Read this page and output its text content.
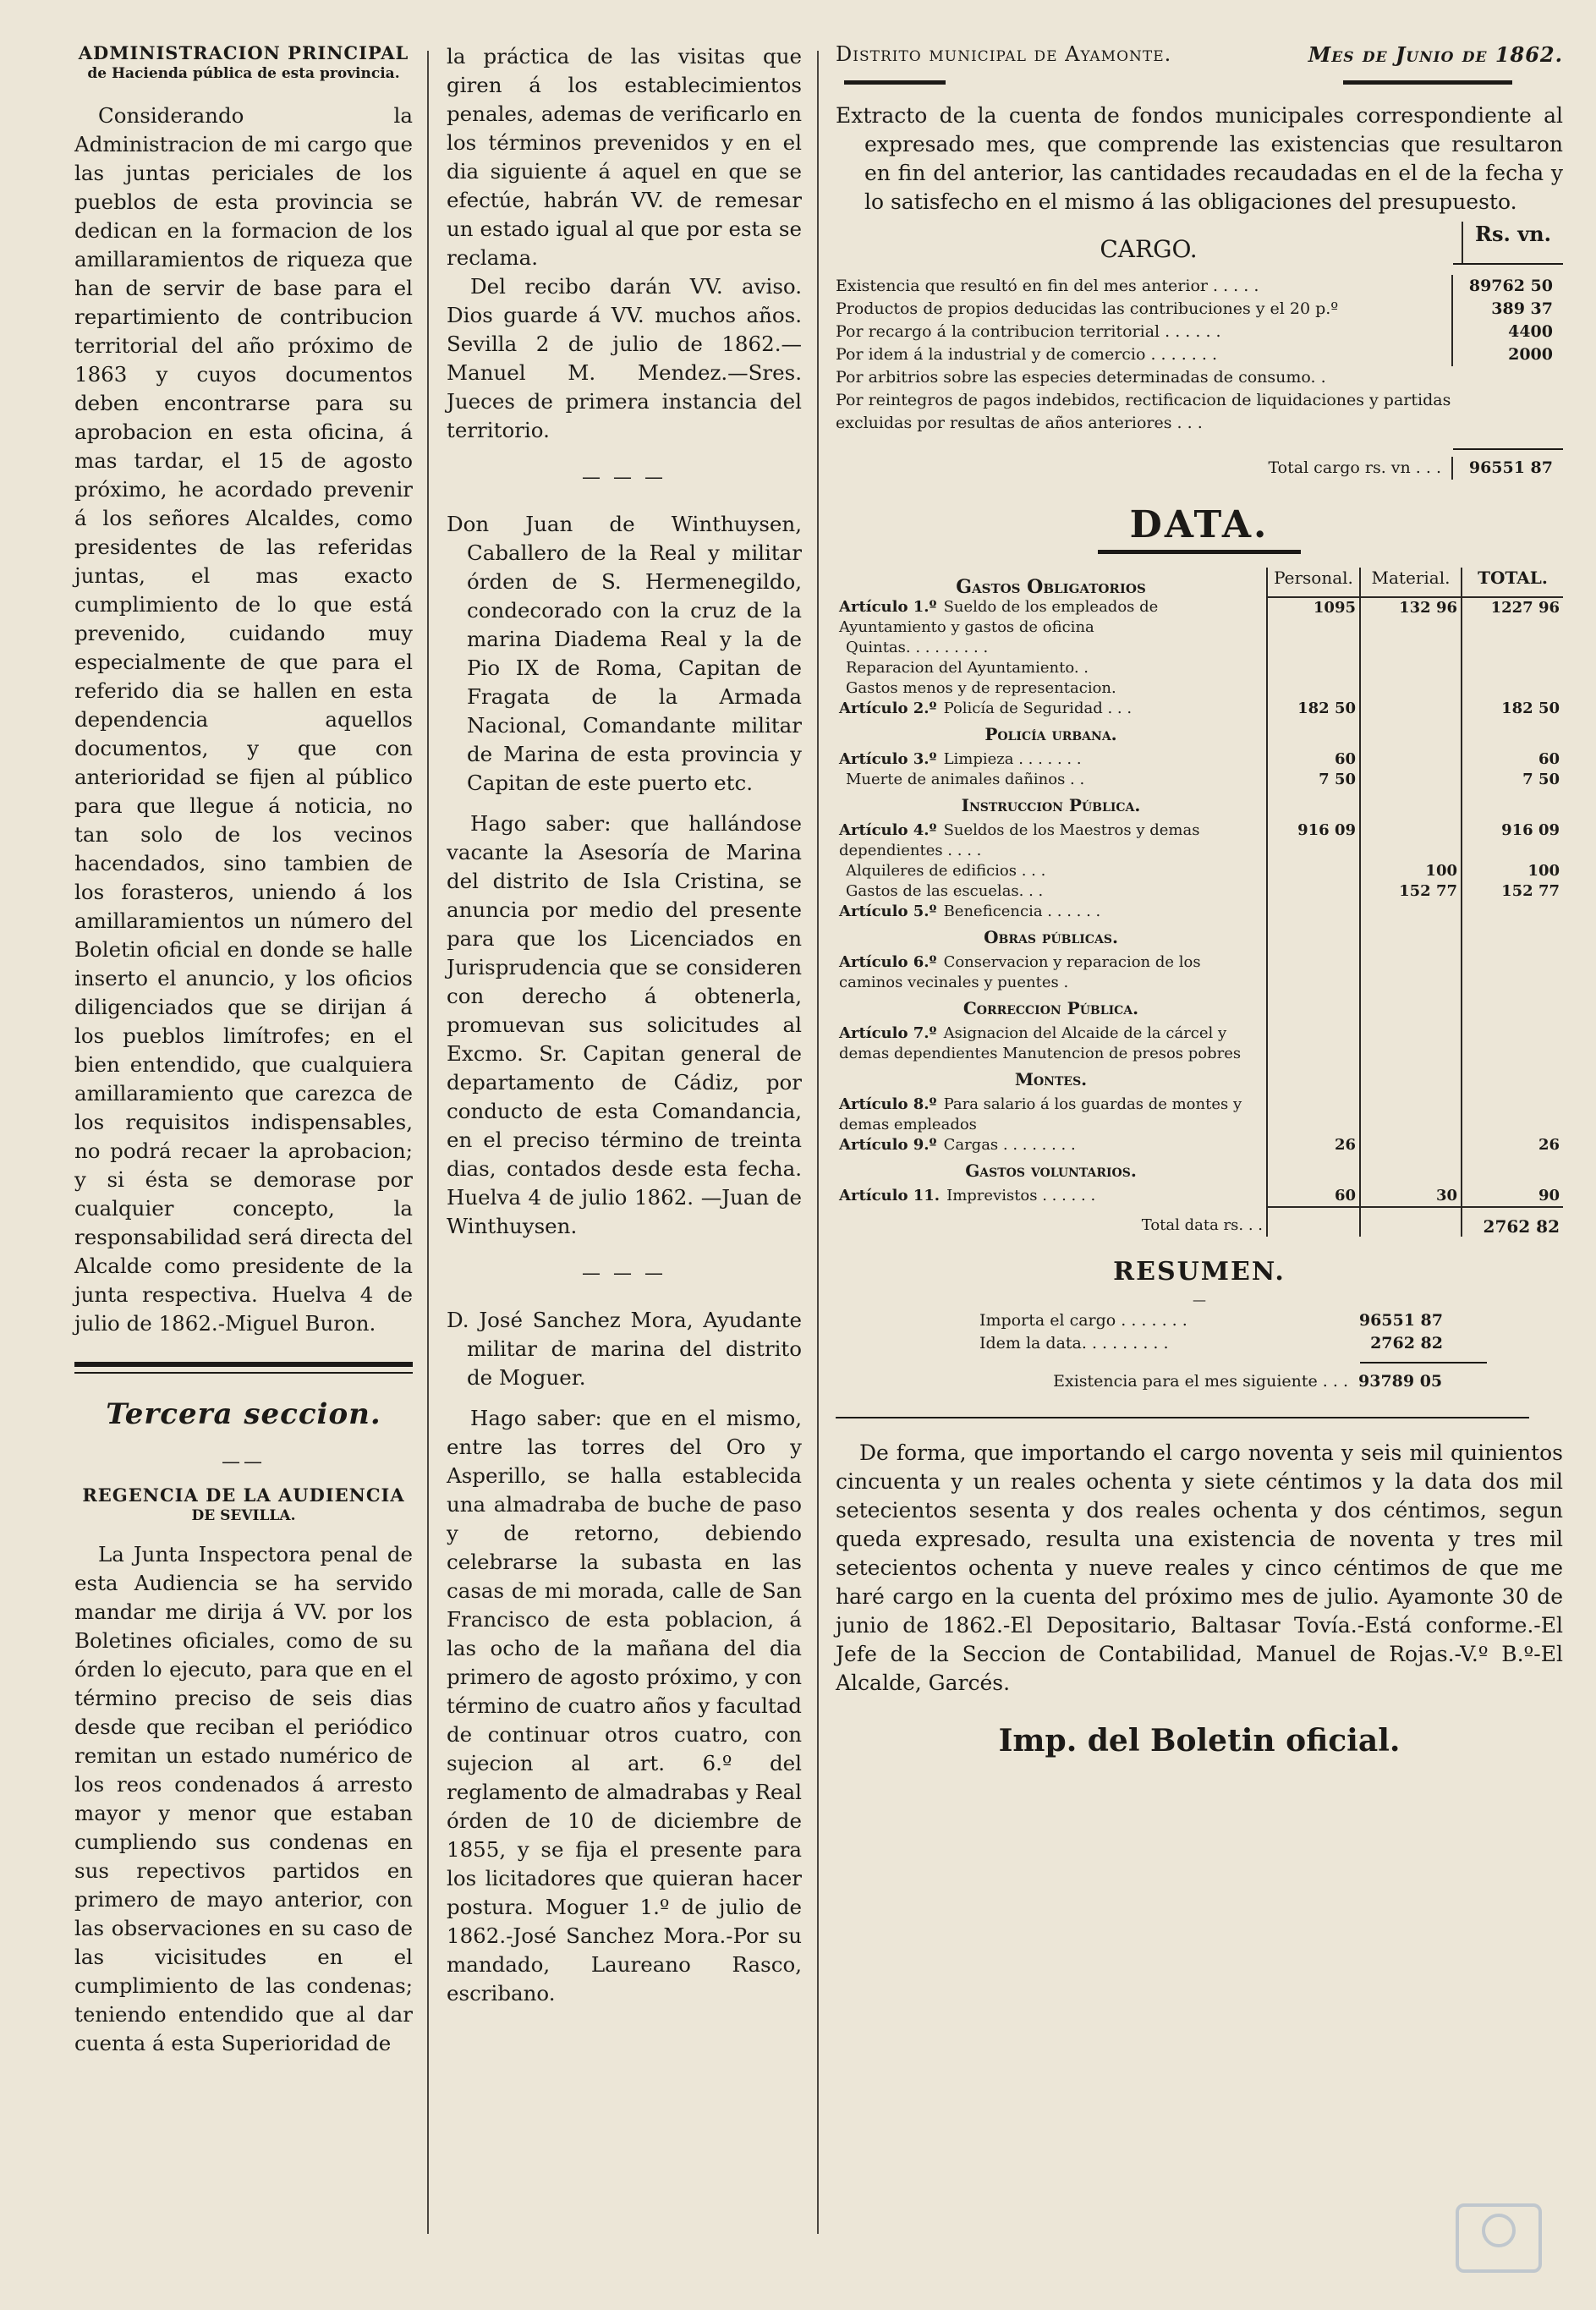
ADMINISTRACION PRINCIPAL

de Hacienda pública de esta provincia.

Considerando la Administracion de mi cargo que las juntas periciales de los pueblos de esta provincia se dedican en la formacion de los amillaramientos de riqueza que han de servir de base para el repartimiento de contribucion territorial del año próximo de 1863 y cuyos documentos deben encontrarse para su aprobacion en esta oficina, á mas tardar, el 15 de agosto próximo, he acordado prevenir á los señores Alcaldes, como presidentes de las referidas juntas, el mas exacto cumplimiento de lo que está prevenido, cuidando muy especialmente de que para el referido dia se hallen en esta dependencia aquellos documentos, y que con anterioridad se fijen al público para que llegue á noticia, no tan solo de los vecinos hacendados, sino tambien de los forasteros, uniendo á los amillaramientos un número del Boletin oficial en donde se halle inserto el anuncio, y los oficios diligenciados que se dirijan á los pueblos limítrofes; en el bien entendido, que cualquiera amillaramiento que carezca de los requisitos indispensables, no podrá recaer la aprobacion; y si ésta se demorase por cualquier concepto, la responsabilidad será directa del Alcalde como presidente de la junta respectiva. Huelva 4 de julio de 1862.-Miguel Buron.

Tercera seccion.

——

REGENCIA DE LA AUDIENCIA

DE SEVILLA.

La Junta Inspectora penal de esta Audiencia se ha servido mandar me dirija á VV. por los Boletines oficiales, como de su órden lo ejecuto, para que en el término preciso de seis dias desde que reciban el periódico remitan un estado numérico de los reos condenados á arresto mayor y menor que estaban cumpliendo sus condenas en sus repectivos partidos en primero de mayo anterior, con las observaciones en su caso de las vicisitudes en el cumplimiento de las condenas; teniendo entendido que al dar cuenta á esta Superioridad de

la práctica de las visitas que giren á los establecimientos penales, ademas de verificarlo en los términos prevenidos y en el dia siguiente á aquel en que se efectúe, habrán VV. de remesar un estado igual al que por esta se reclama.

Del recibo darán VV. aviso. Dios guarde á VV. muchos años. Sevilla 2 de julio de 1862.—Manuel M. Mendez.—Sres. Jueces de primera instancia del territorio.

— — —

Don Juan de Winthuysen, Caballero de la Real y militar órden de S. Hermenegildo, condecorado con la cruz de la marina Diadema Real y la de Pio IX de Roma, Capitan de Fragata de la Armada Nacional, Comandante militar de Marina de esta provincia y Capitan de este puerto etc.

Hago saber: que hallándose vacante la Asesoría de Marina del distrito de Isla Cristina, se anuncia por medio del presente para que los Licenciados en Jurisprudencia que se consideren con derecho á obtenerla, promuevan sus solicitudes al Excmo. Sr. Capitan general de departamento de Cádiz, por conducto de esta Comandancia, en el preciso término de treinta dias, contados desde esta fecha. Huelva 4 de julio 1862. —Juan de Winthuysen.

— — —

D. José Sanchez Mora, Ayudante militar de marina del distrito de Moguer.

Hago saber: que en el mismo, entre las torres del Oro y Asperillo, se halla establecida una almadraba de buche de paso y de retorno, debiendo celebrarse la subasta en las casas de mi morada, calle de San Francisco de esta poblacion, á las ocho de la mañana del dia primero de agosto próximo, y con término de cuatro años y facultad de continuar otros cuatro, con sujecion al art. 6.º del reglamento de almadrabas y Real órden de 10 de diciembre de 1855, y se fija el presente para los licitadores que quieran hacer postura. Moguer 1.º de julio de 1862.-José Sanchez Mora.-Por su mandado, Laureano Rasco, escribano.

Distrito municipal de Ayamonte.	Mes de Junio de 1862.

Extracto de la cuenta de fondos municipales correspondiente al expresado mes, que comprende las existencias que resultaron en fin del anterior, las cantidades recaudadas en el de la fecha y lo satisfecho en el mismo á las obligaciones del presupuesto.

CARGO.
Rs. vn.
Existencia que resultó en fin del mes anterior . . . . .	89762 50
Productos de propios deducidas las contribuciones y el 20 p.º	389 37
Por recargo á la contribucion territorial . . . . . .	4400
Por idem á la industrial y de comercio . . . . . . .	2000
Por arbitrios sobre las especies determinadas de consumo. .
Por reintegros de pagos indebidos, rectificacion de liquidaciones y partidas excluidas por resultas de años anteriores . . .
Total cargo rs. vn . . .	96551 87
DATA.
Gastos Obligatorios	Personal.	Material.	TOTAL.
Artículo 1.º Sueldo de los empleados de Ayuntamiento y gastos de oficina	1095	132 96	1227 96
Quintas. . . . . . . . .			
Reparacion del Ayuntamiento. .			
Gastos menos y de representacion.			
Artículo 2.º Policía de Seguridad . . .	182 50		182 50
Policía urbana.			
Artículo 3.º Limpieza . . . . . . .	60		60
Muerte de animales dañinos . .	7 50		7 50
Instruccion Pública.			
Artículo 4.º Sueldos de los Maestros y demas dependientes . . . .	916 09		916 09
Alquileres de edificios . . .		100	100
Gastos de las escuelas. . .		152 77	152 77
Artículo 5.º Beneficencia . . . . . .			
Obras públicas.			
Artículo 6.º Conservacion y reparacion de los caminos vecinales y puentes .			
Correccion Pública.			
Artículo 7.º Asignacion del Alcaide de la cárcel y demas dependientes Manutencion de presos pobres			
Montes.			
Artículo 8.º Para salario á los guardas de montes y demas empleados			
Artículo 9.º Cargas . . . . . . . .	26		26
Gastos voluntarios.			
Artículo 11. Imprevistos . . . . . .	60	30	90
Total data rs. . .			2762 82
RESUMEN.
—
Importa el cargo . . . . . . .	96551 87
Idem la data. . . . . . . . .	2762 82
Existencia para el mes siguiente . . . 93789 05

De forma, que importando el cargo noventa y seis mil quinientos cincuenta y un reales ochenta y siete céntimos y la data dos mil setecientos sesenta y dos reales ochenta y dos céntimos, segun queda expresado, resulta una existencia de noventa y tres mil setecientos ochenta y nueve reales y cinco céntimos de que me haré cargo en la cuenta del próximo mes de julio. Ayamonte 30 de junio de 1862.-El Depositario, Baltasar Tovía.-Está conforme.-El Jefe de la Seccion de Contabilidad, Manuel de Rojas.-V.º B.º-El Alcalde, Garcés.

Imp. del Boletin oficial.
